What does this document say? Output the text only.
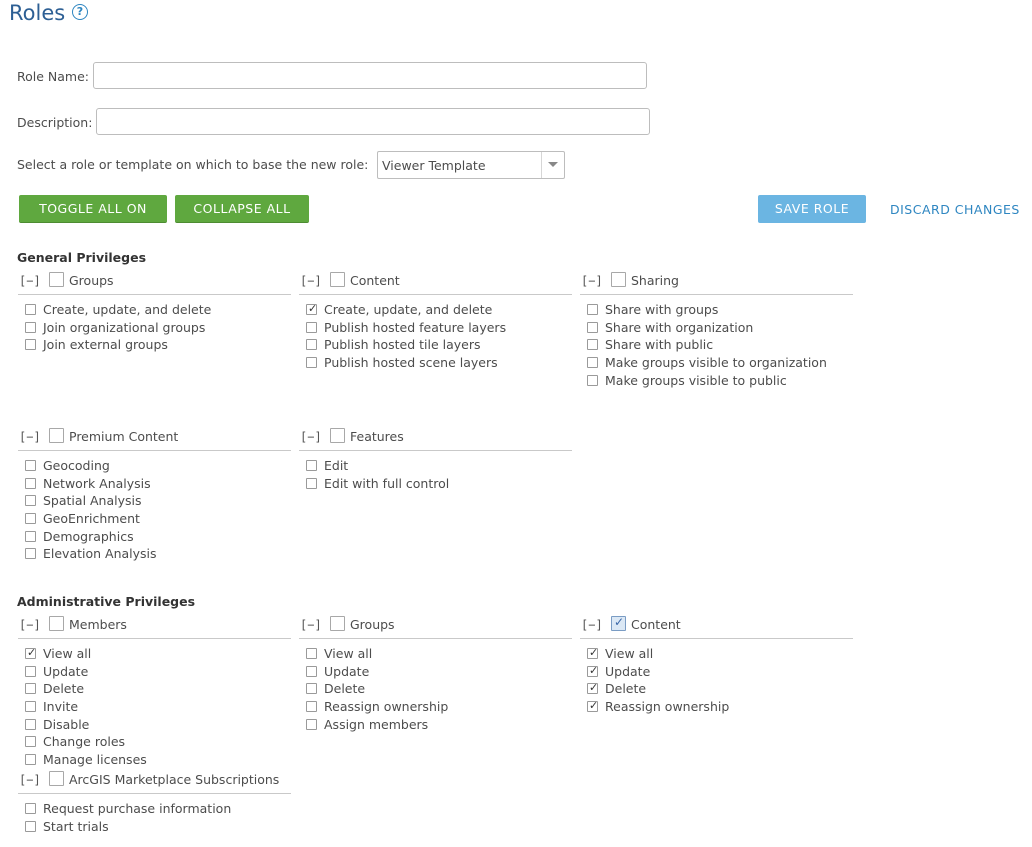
Roles	?
Role Name:
Description:
Select a role or template on which to base the new role: Viewer Template
TOGGLE ALL ON	COLLAPSE ALL	SAVE ROLE	DISCARD CHANGES
General Privileges
Administrative Privileges
[−] Groups
Create, update, and delete
Join organizational groups
Join external groups
[−] Content
✓
Create, update, and delete
Publish hosted feature layers
Publish hosted tile layers
Publish hosted scene layers
[−] Sharing
Share with groups
Share with organization
Share with public
Make groups visible to organization
Make groups visible to public
[−] Premium Content
Geocoding
Network Analysis
Spatial Analysis
GeoEnrichment
Demographics
Elevation Analysis
[−] Features
Edit
Edit with full control
[−] Members
✓
View all
Update
Delete
Invite
Disable
Change roles
Manage licenses
[−] Groups
View all
Update
Delete
Reassign ownership
Assign members
[−]
✓ Content
✓
View all
✓
Update
✓
Delete
✓
Reassign ownership
[−] ArcGIS Marketplace Subscriptions
Request purchase information
Start trials
